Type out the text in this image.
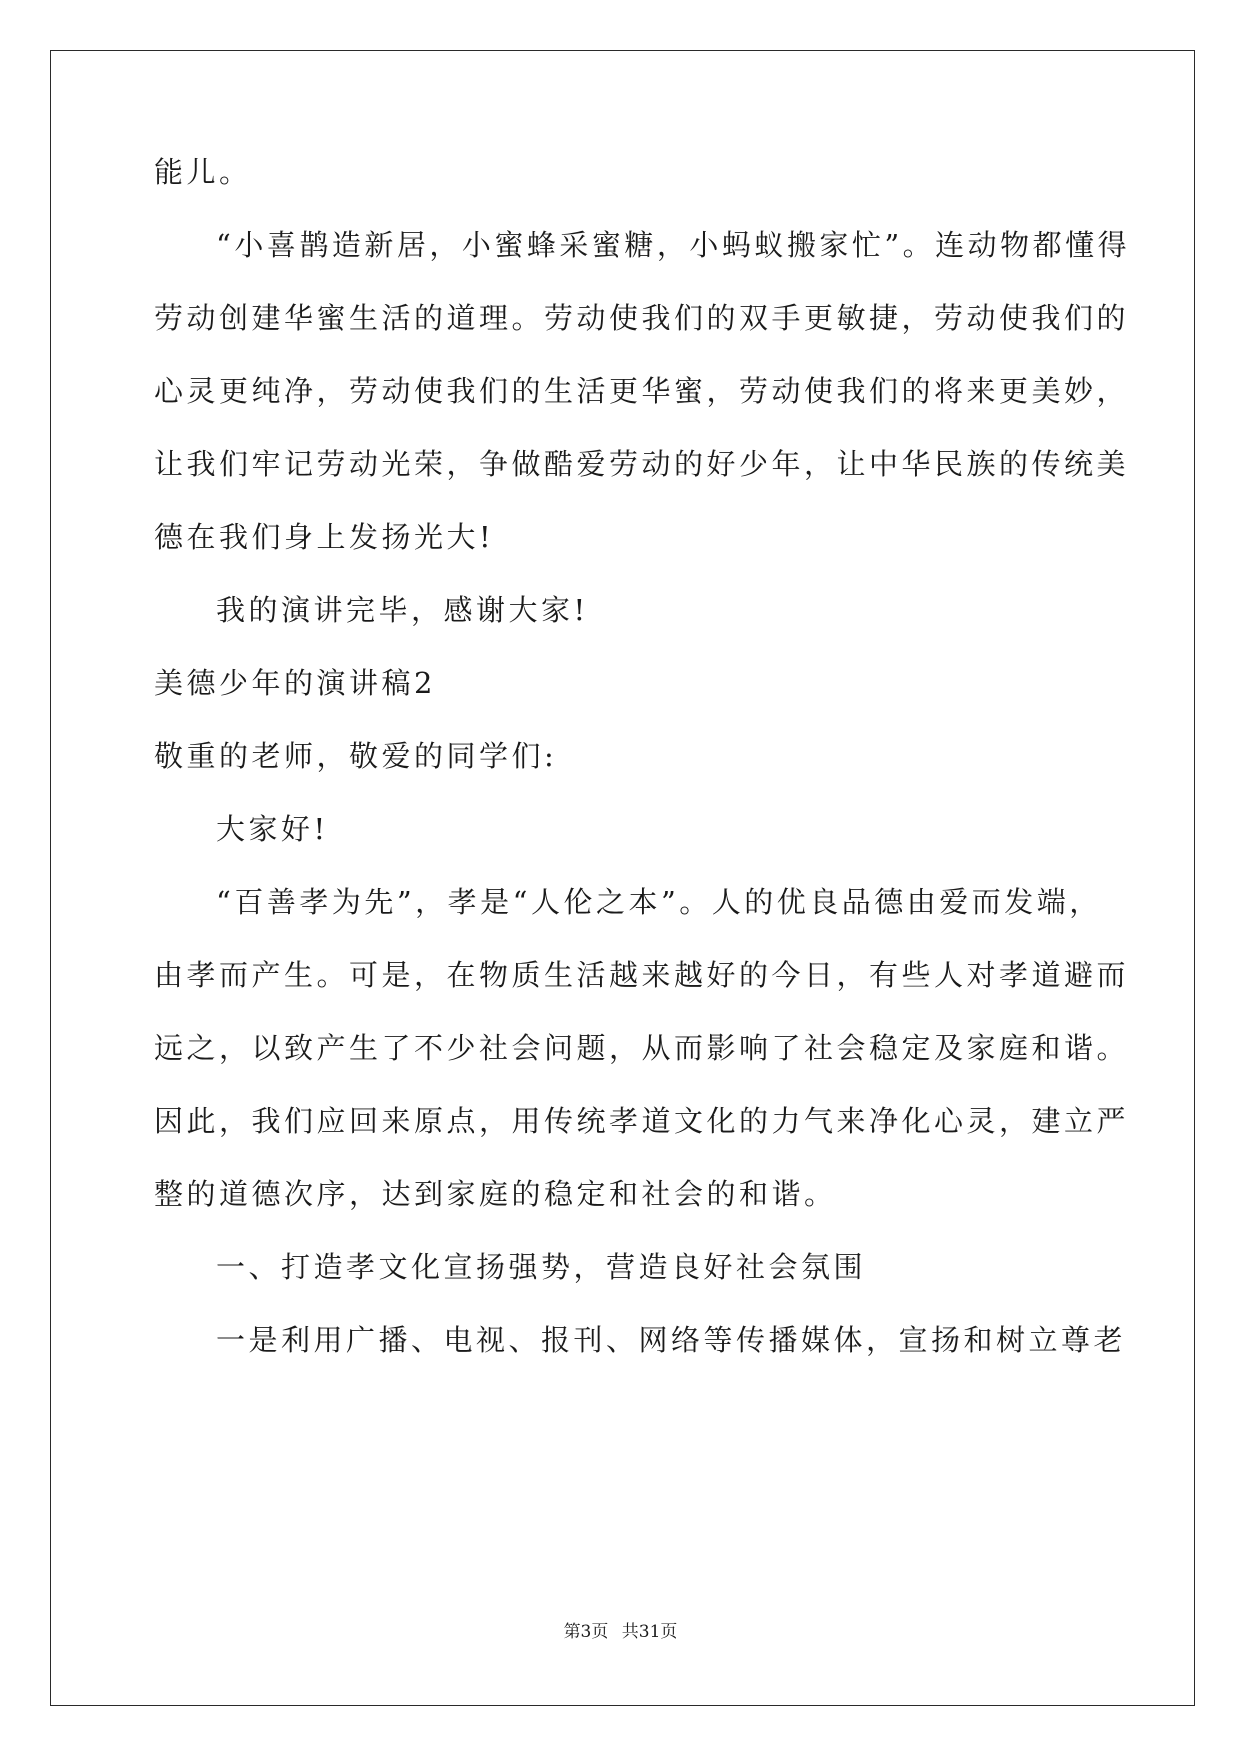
能儿。
“小喜鹊造新居，小蜜蜂采蜜糖，小蚂蚁搬家忙”。连动物都懂得
劳动创建华蜜生活的道理。劳动使我们的双手更敏捷，劳动使我们的
心灵更纯净，劳动使我们的生活更华蜜，劳动使我们的将来更美妙，
让我们牢记劳动光荣，争做酷爱劳动的好少年，让中华民族的传统美
德在我们身上发扬光大!
我的演讲完毕，感谢大家!
美德少年的演讲稿2
敬重的老师，敬爱的同学们:
大家好!
“百善孝为先”，孝是“人伦之本”。人的优良品德由爱而发端，
由孝而产生。可是，在物质生活越来越好的今日，有些人对孝道避而
远之，以致产生了不少社会问题，从而影响了社会稳定及家庭和谐。
因此，我们应回来原点，用传统孝道文化的力气来净化心灵，建立严
整的道德次序，达到家庭的稳定和社会的和谐。
一、打造孝文化宣扬强势，营造良好社会氛围
一是利用广播、电视、报刊、网络等传播媒体，宣扬和树立尊老
第3页 共31页
